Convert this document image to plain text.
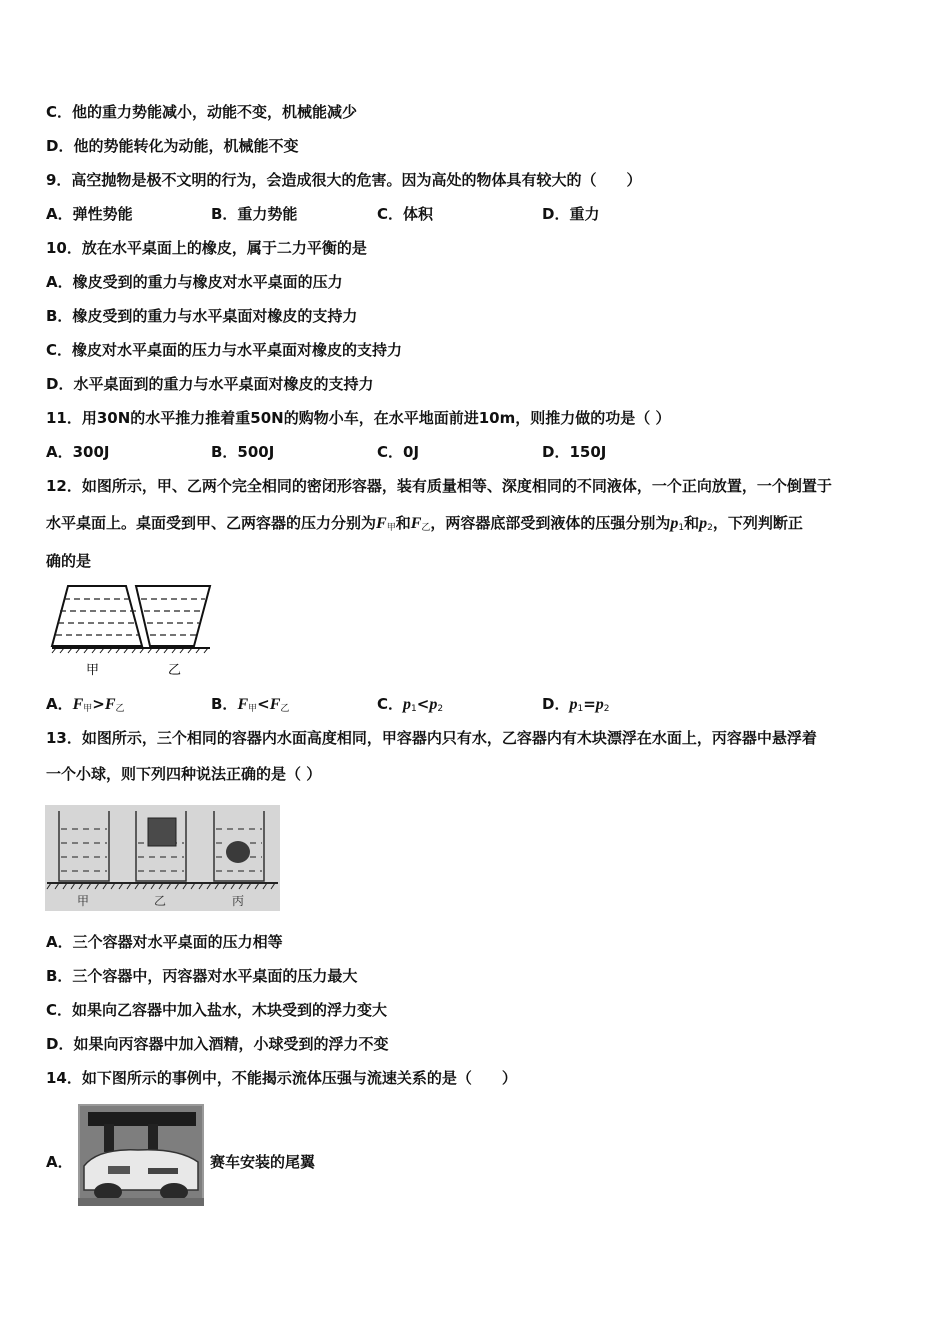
C．他的重力势能减小，动能不变，机械能减少
D．他的势能转化为动能，机械能不变
9．高空抛物是极不文明的行为，会造成很大的危害。因为高处的物体具有较大的（　　）
A．弹性势能	B．重力势能	C．体积	D．重力
10．放在水平桌面上的橡皮，属于二力平衡的是
A．橡皮受到的重力与橡皮对水平桌面的压力
B．橡皮受到的重力与水平桌面对橡皮的支持力
C．橡皮对水平桌面的压力与水平桌面对橡皮的支持力
D．水平桌面到的重力与水平桌面对橡皮的支持力
11．用30N的水平推力推着重50N的购物小车，在水平地面前进10m，则推力做的功是（ ）
A．300J	B．500J	C．0J	D．150J
12．如图所示，甲、乙两个完全相同的密闭形容器，装有质量相等、深度相同的不同液体，一个正向放置，一个倒置于
水平桌面上。桌面受到甲、乙两容器的压力分别为F甲和F乙，两容器底部受到液体的压强分别为p1和p2，下列判断正
确的是
甲	乙
A．F甲>F乙	B．F甲<F乙	C．p1<p2	D．p1=p2
13．如图所示，三个相同的容器内水面高度相同，甲容器内只有水，乙容器内有木块漂浮在水面上，丙容器中悬浮着
一个小球，则下列四种说法正确的是（ ）
甲	乙	丙
A．三个容器对水平桌面的压力相等
B．三个容器中，丙容器对水平桌面的压力最大
C．如果向乙容器中加入盐水，木块受到的浮力变大
D．如果向丙容器中加入酒精，小球受到的浮力不变
14．如下图所示的事例中，不能揭示流体压强与流速关系的是（　　）
A．	赛车安装的尾翼
